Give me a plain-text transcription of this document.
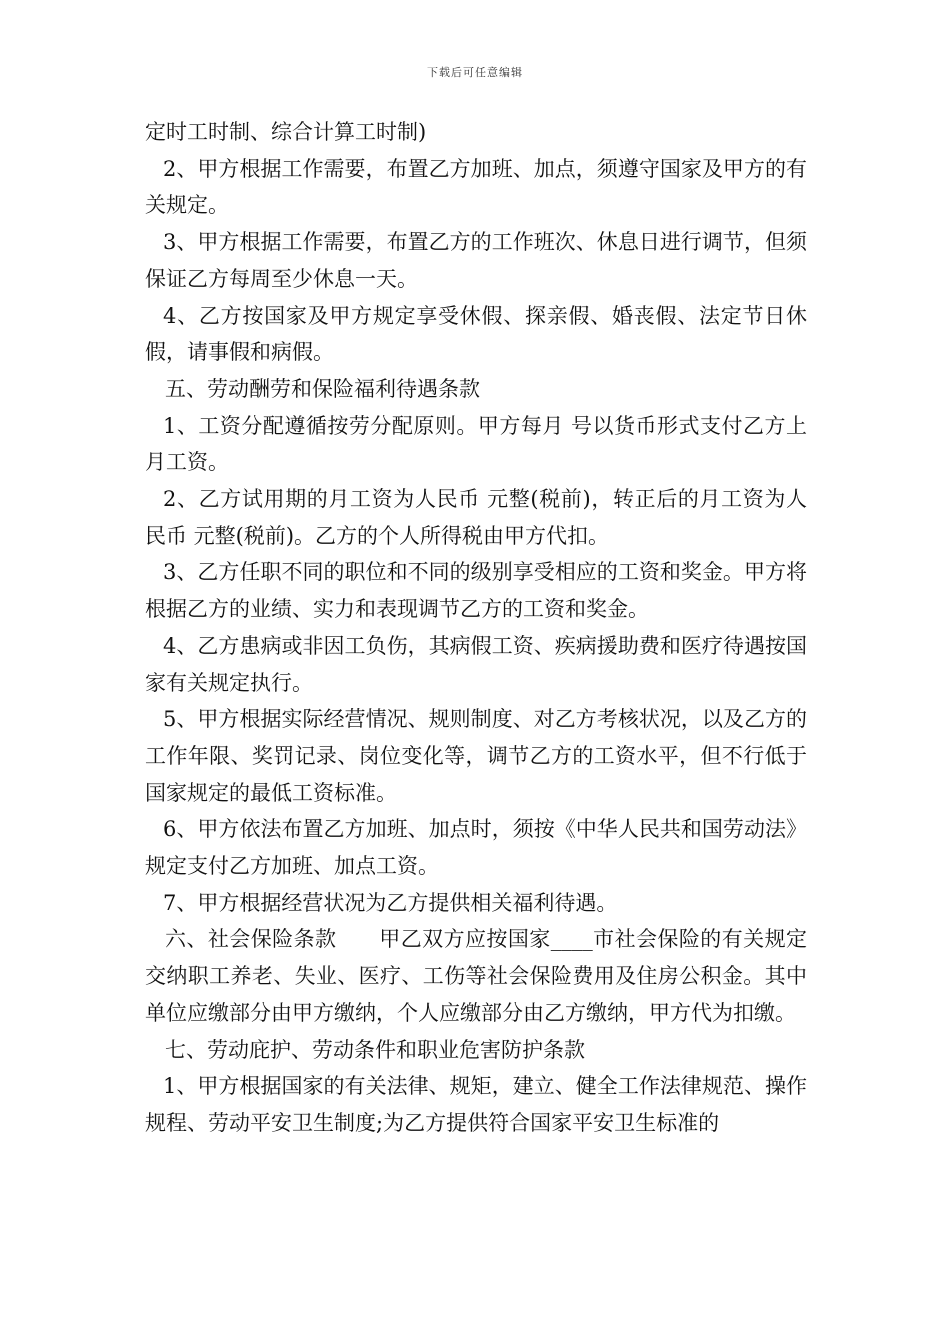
下载后可任意编辑

定时工时制、综合计算工时制)

2、甲方根据工作需要，布置乙方加班、加点，须遵守国家及甲方的有关规定。

3、甲方根据工作需要，布置乙方的工作班次、休息日进行调节，但须保证乙方每周至少休息一天。

4、乙方按国家及甲方规定享受休假、探亲假、婚丧假、法定节日休假，请事假和病假。

五、劳动酬劳和保险福利待遇条款

1、工资分配遵循按劳分配原则。甲方每月 号以货币形式支付乙方上月工资。

2、乙方试用期的月工资为人民币 元整(税前)，转正后的月工资为人民币 元整(税前)。乙方的个人所得税由甲方代扣。

3、乙方任职不同的职位和不同的级别享受相应的工资和奖金。甲方将根据乙方的业绩、实力和表现调节乙方的工资和奖金。

4、乙方患病或非因工负伤，其病假工资、疾病援助费和医疗待遇按国家有关规定执行。

5、甲方根据实际经营情况、规则制度、对乙方考核状况，以及乙方的工作年限、奖罚记录、岗位变化等，调节乙方的工资水平，但不行低于国家规定的最低工资标准。

6、甲方依法布置乙方加班、加点时，须按《中华人民共和国劳动法》规定支付乙方加班、加点工资。

7、甲方根据经营状况为乙方提供相关福利待遇。

六、社会保险条款　　甲乙双方应按国家____市社会保险的有关规定交纳职工养老、失业、医疗、工伤等社会保险费用及住房公积金。其中单位应缴部分由甲方缴纳，个人应缴部分由乙方缴纳，甲方代为扣缴。

七、劳动庇护、劳动条件和职业危害防护条款

1、甲方根据国家的有关法律、规矩，建立、健全工作法律规范、操作规程、劳动平安卫生制度;为乙方提供符合国家平安卫生标准的
